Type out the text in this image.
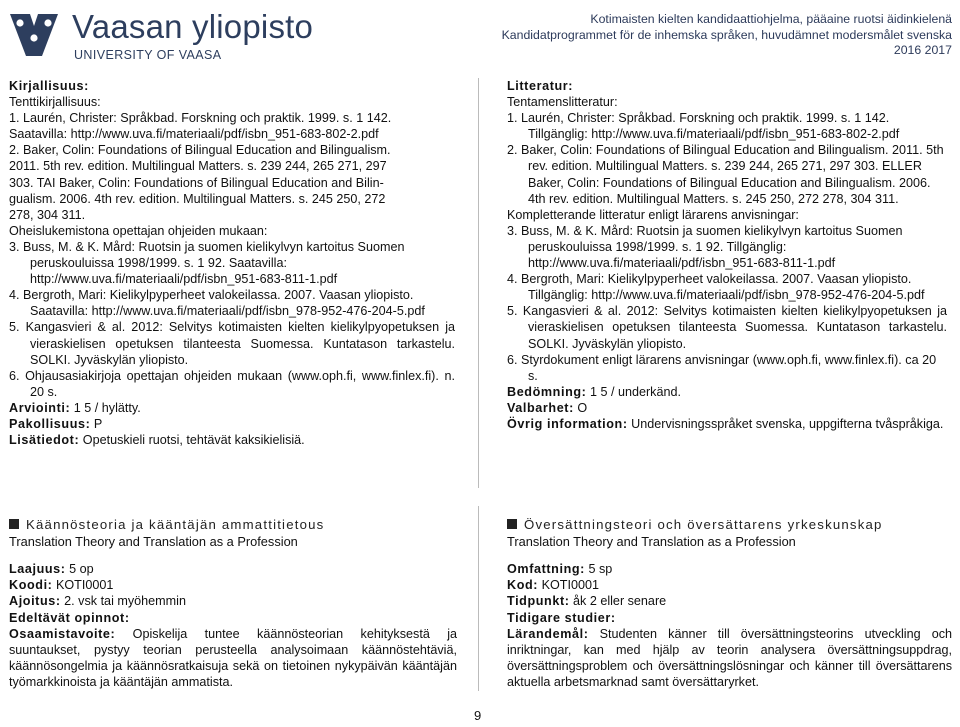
Vaasan yliopisto
UNIVERSITY OF VAASA
Kotimaisten kielten kandidaattiohjelma, pääaine ruotsi äidinkielenä
Kandidatprogrammet för de inhemska språken, huvudämnet modersmålet svenska
2016 2017

Kirjallisuus:

Tenttikirjallisuus:

1. Laurén, Christer: Språkbad. Forskning och praktik. 1999. s. 1 142.

Saatavilla: http://www.uva.fi/materiaali/pdf/isbn_951-683-802-2.pdf

2. Baker, Colin: Foundations of Bilingual Education and Bilingualism.

2011. 5th rev. edition. Multilingual Matters. s. 239 244, 265 271, 297

303. TAI Baker, Colin: Foundations of Bilingual Education and Bilin-

gualism. 2006. 4th rev. edition. Multilingual Matters. s. 245 250, 272

278, 304 311.

Oheislukemistona opettajan ohjeiden mukaan:

3. Buss, M. & K. Mård: Ruotsin ja suomen kielikylvyn kartoitus Suomen peruskouluissa 1998/1999. s. 1 92. Saatavilla: http://www.uva.fi/materiaali/pdf/isbn_951-683-811-1.pdf

4. Bergroth, Mari: Kielikylpyperheet valokeilassa. 2007. Vaasan yliopisto. Saatavilla: http://www.uva.fi/materiaali/pdf/isbn_978-952-476-204-5.pdf

5. Kangasvieri & al. 2012: Selvitys kotimaisten kielten kielikylpyopetuksen ja vieraskielisen opetuksen tilanteesta Suomessa. Kuntatason tarkastelu. SOLKI. Jyväskylän yliopisto.

6. Ohjausasiakirjoja opettajan ohjeiden mukaan (www.oph.fi, www.finlex.fi). n. 20 s.

Arviointi: 1 5 / hylätty.

Pakollisuus: P

Lisätiedot: Opetuskieli ruotsi, tehtävät kaksikielisiä.

Litteratur:

Tentamenslitteratur:

1. Laurén, Christer: Språkbad. Forskning och praktik. 1999. s. 1 142. Tillgänglig: http://www.uva.fi/materiaali/pdf/isbn_951-683-802-2.pdf

2. Baker, Colin: Foundations of Bilingual Education and Bilingualism. 2011. 5th rev. edition. Multilingual Matters. s. 239 244, 265 271, 297 303. ELLER Baker, Colin: Foundations of Bilingual Education and Bilingualism. 2006. 4th rev. edition. Multilingual Matters. s. 245 250, 272 278, 304 311.

Kompletterande litteratur enligt lärarens anvisningar:

3. Buss, M. & K. Mård: Ruotsin ja suomen kielikylvyn kartoitus Suomen peruskouluissa 1998/1999. s. 1 92. Tillgänglig: http://www.uva.fi/materiaali/pdf/isbn_951-683-811-1.pdf

4. Bergroth, Mari: Kielikylpyperheet valokeilassa. 2007. Vaasan yliopisto. Tillgänglig: http://www.uva.fi/materiaali/pdf/isbn_978-952-476-204-5.pdf

5. Kangasvieri & al. 2012: Selvitys kotimaisten kielten kielikylpyopetuksen ja vieraskielisen opetuksen tilanteesta Suomessa. Kuntatason tarkastelu. SOLKI. Jyväskylän yliopisto.

6. Styrdokument enligt lärarens anvisningar (www.oph.fi, www.finlex.fi). ca 20 s.

Bedömning: 1 5 / underkänd.

Valbarhet: O

Övrig information: Undervisningsspråket svenska, uppgifterna tvåspråkiga.

Käännösteoria ja kääntäjän ammattitietous
Translation Theory and Translation as a Profession

Laajuus: 5 op

Koodi: KOTI0001

Ajoitus: 2. vsk tai myöhemmin

Edeltävät opinnot:

Osaamistavoite: Opiskelija tuntee käännösteorian kehityksestä ja suuntaukset, pystyy teorian perusteella analysoimaan käännöstehtäviä, käännösongelmia ja käännösratkaisuja sekä on tietoinen nykypäivän kääntäjän työmarkkinoista ja kääntäjän ammatista.

Översättningsteori och översättarens yrkeskunskap
Translation Theory and Translation as a Profession

Omfattning: 5 sp

Kod: KOTI0001

Tidpunkt: åk 2 eller senare

Tidigare studier:

Lärandemål: Studenten känner till översättningsteorins utveckling och inriktningar, kan med hjälp av teorin analysera översättningsuppdrag, översättningsproblem och översättningslösningar och känner till översättarens aktuella arbetsmarknad samt översättaryrket.

9
